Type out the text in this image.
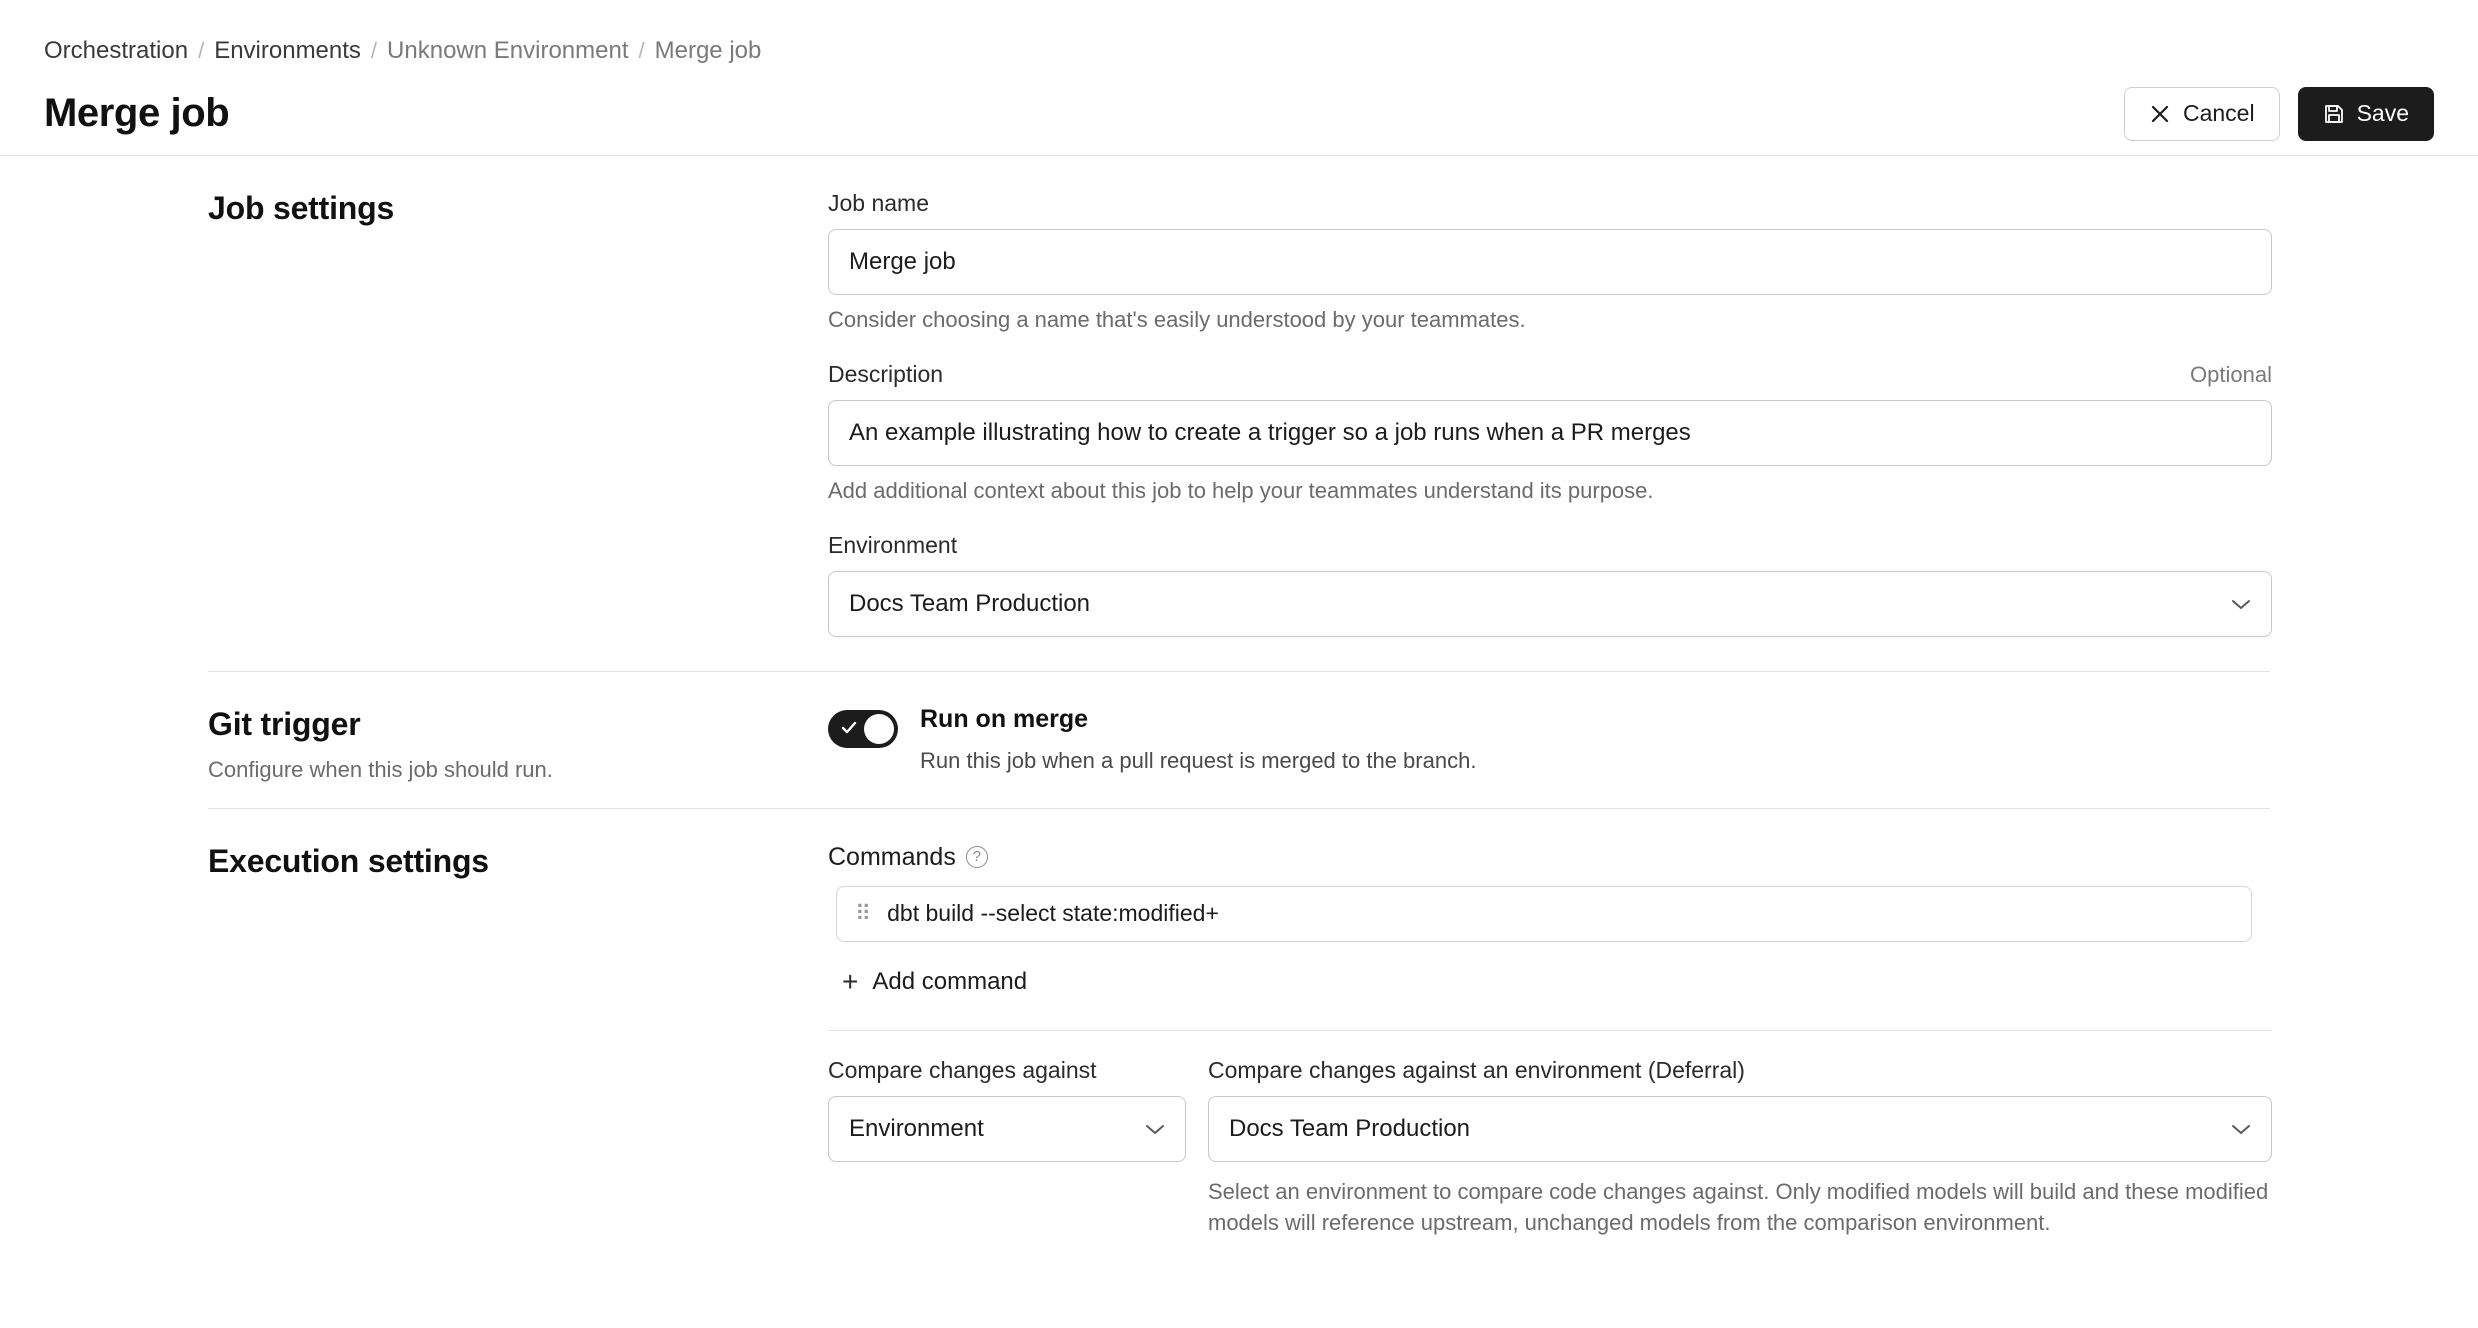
Orchestration / Environments / Unknown Environment / Merge job
Merge job	Cancel	Save
Job settings	Job name
Merge job
Consider choosing a name that's easily understood by your teammates.
Description	Optional
An example illustrating how to create a trigger so a job runs when a PR merges
Add additional context about this job to help your teammates understand its purpose.
Environment
Docs Team Production
Git trigger
Configure when this job should run.
Run on merge
Run this job when a pull request is merged to the branch.
Execution settings	Commands	?
⠿ dbt build --select state:modified+
+ Add command
Compare changes against
Environment
Compare changes against an environment (Deferral)
Docs Team Production
Select an environment to compare code changes against. Only modified models will build and these modified models will reference upstream, unchanged models from the comparison environment.
